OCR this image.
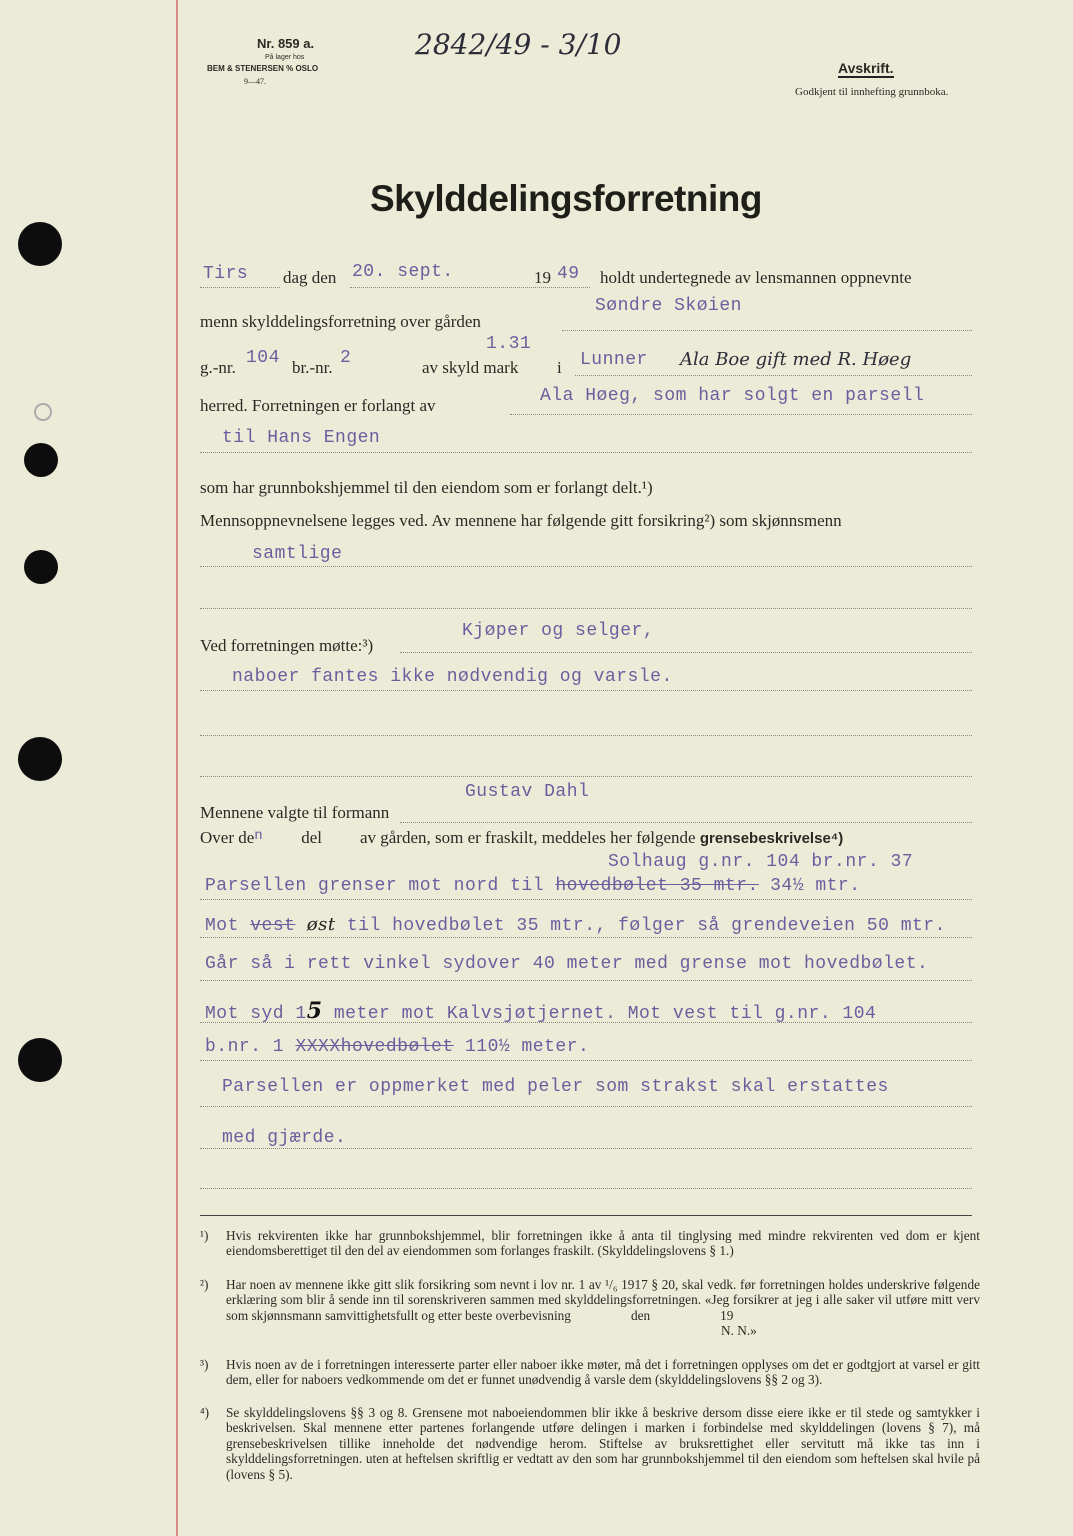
Nr. 859 a.
På lager hos
BEM & STENERSEN % OSLO
9—47.
2842/49 - 3/10
Avskrift.
Godkjent til innhefting grunnboka.
Skylddelingsforretning
Tirs dag den 20. sept.	19 49 holdt undertegnede av lensmannen oppnevnte
menn skylddelingsforretning over gården
Søndre Skøien
g.-nr. 104 br.-nr. 2	av skyld mark
1.31
i Lunner Ala Boe gift med R. Høeg
herred. Forretningen er forlangt av	Ala Høeg, som har solgt en parsell
til Hans Engen
som har grunnbokshjemmel til den eiendom som er forlangt delt.¹)
Mennsoppnevnelsene legges ved. Av mennene har følgende gitt forsikring²) som skjønnsmenn
samtlige
Ved forretningen møtte:³)
Kjøper og selger,
naboer fantes ikke nødvendig og varsle.
Mennene valgte til formann
Gustav Dahl
Over $de^n$ del av gården, som er fraskilt, meddeles her følgende grensebeskrivelse⁴)
Solhaug g.nr. 104 br.nr. 37
Parsellen grenser mot nord til hovedbølet 35 mtr. 34½ mtr.
Mot vest øst til hovedbølet 35 mtr., følger så grendeveien 50 mtr.
Går så i rett vinkel sydover 40 meter med grense mot hovedbølet.
Mot syd 15 meter mot Kalvsjøtjernet. Mot vest til g.nr. 104
b.nr. 1 XXXXhovedbølet 110½ meter.
Parsellen er oppmerket med peler som strakst skal erstattes
med gjærde.
¹) Hvis rekvirenten ikke har grunnbokshjemmel, blir forretningen ikke å anta til tinglysing med mindre rekvirenten ved dom er kjent eiendomsberettiget til den del av eiendommen som forlanges fraskilt. (Skylddelingslovens § 1.)
²) Har noen av mennene ikke gitt slik forsikring som nevnt i lov nr. 1 av ¹/₆ 1917 § 20, skal vedk. før forretningen holdes underskrive følgende erklæring som blir å sende inn til sorenskriveren sammen med skylddelingsforretningen. «Jeg forsikrer at jeg i alle saker vil utføre mitt verv som skjønnsmann samvittighetsfullt og etter beste overbevisning	den	19
N. N.»
³) Hvis noen av de i forretningen interesserte parter eller naboer ikke møter, må det i forretningen opplyses om det er godtgjort at varsel er gitt dem, eller for naboers vedkommende om det er funnet unødvendig å varsle dem (skylddelingslovens §§ 2 og 3).
⁴) Se skylddelingslovens §§ 3 og 8. Grensene mot naboeiendommen blir ikke å beskrive dersom disse eiere ikke er til stede og samtykker i beskrivelsen. Skal mennene etter partenes forlangende utføre delingen i marken i forbindelse med skylddelingen (lovens § 7), må grensebeskrivelsen tillike inneholde det nødvendige herom. Stiftelse av bruksrettighet eller servitutt må ikke tas inn i skylddelingsforretningen. uten at heftelsen skriftlig er vedtatt av den som har grunnbokshjemmel til den eiendom som heftelsen skal hvile på (lovens § 5).
